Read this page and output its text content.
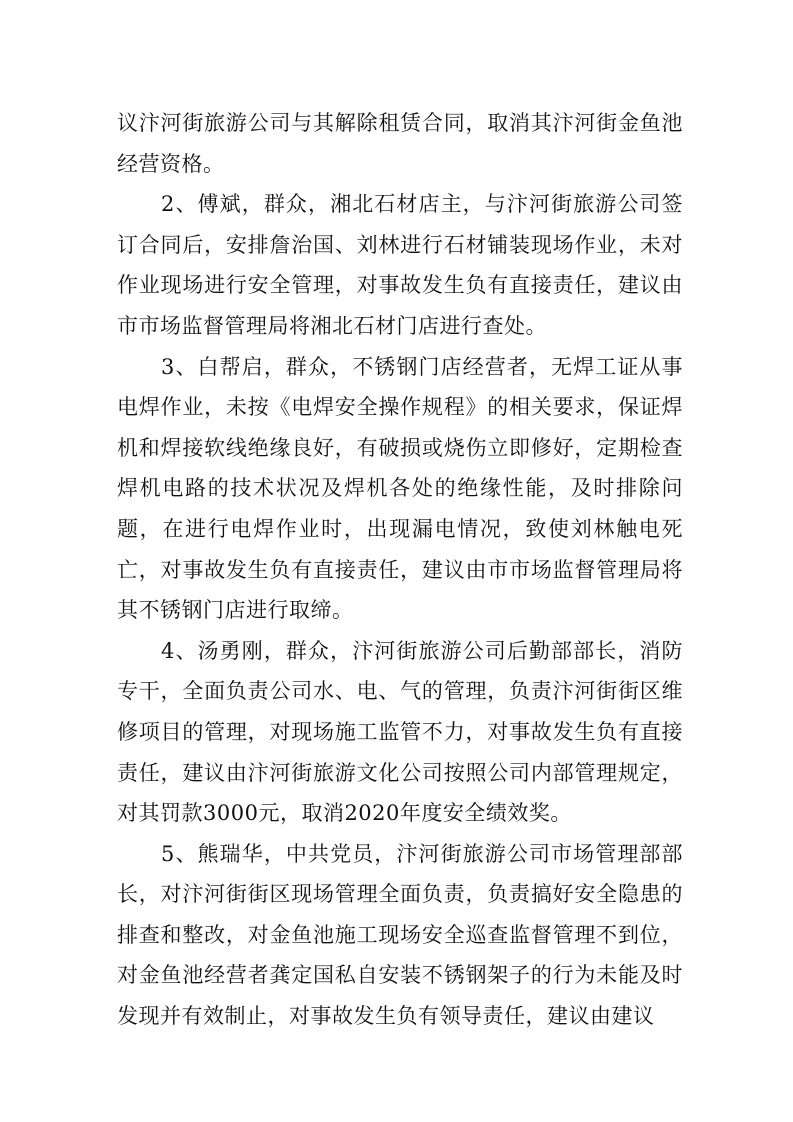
议汴河街旅游公司与其解除租赁合同，取消其汴河街金鱼池经营资格。

2、傅斌，群众，湘北石材店主，与汴河街旅游公司签订合同后，安排詹治国、刘林进行石材铺装现场作业，未对作业现场进行安全管理，对事故发生负有直接责任，建议由市市场监督管理局将湘北石材门店进行查处。

3、白帮启，群众，不锈钢门店经营者，无焊工证从事电焊作业，未按《电焊安全操作规程》的相关要求，保证焊机和焊接软线绝缘良好，有破损或烧伤立即修好，定期检查焊机电路的技术状况及焊机各处的绝缘性能，及时排除问题，在进行电焊作业时，出现漏电情况，致使刘林触电死亡，对事故发生负有直接责任，建议由市市场监督管理局将其不锈钢门店进行取缔。

4、汤勇刚，群众，汴河街旅游公司后勤部部长，消防专干，全面负责公司水、电、气的管理，负责汴河街街区维修项目的管理，对现场施工监管不力，对事故发生负有直接责任，建议由汴河街旅游文化公司按照公司内部管理规定，对其罚款3000元，取消2020年度安全绩效奖。

5、熊瑞华，中共党员，汴河街旅游公司市场管理部部长，对汴河街街区现场管理全面负责，负责搞好安全隐患的排查和整改，对金鱼池施工现场安全巡查监督管理不到位，对金鱼池经营者龚定国私自安装不锈钢架子的行为未能及时发现并有效制止，对事故发生负有领导责任，建议由建议
